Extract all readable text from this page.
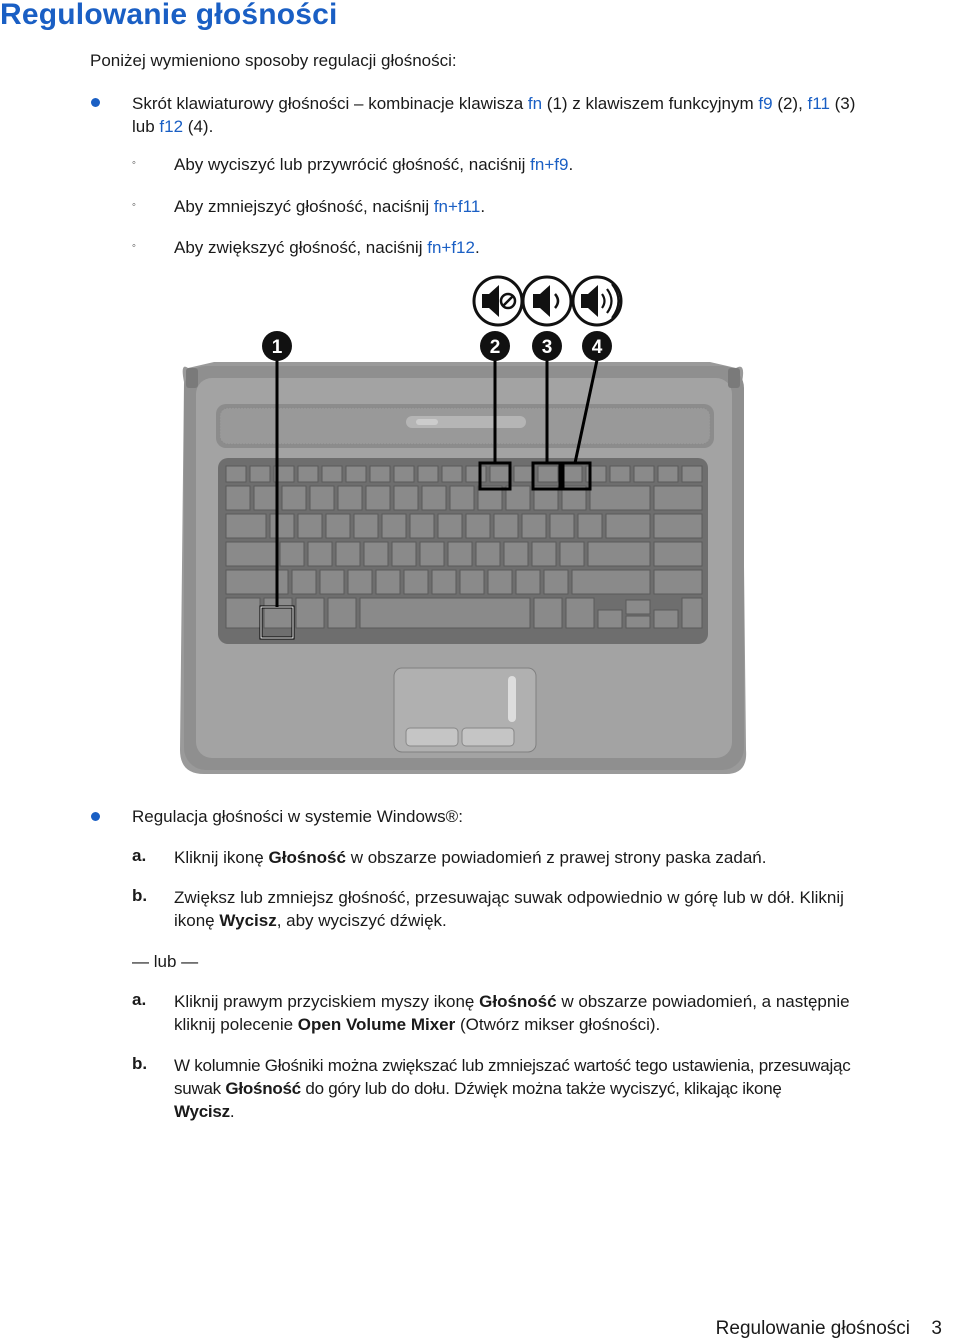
Regulowanie głośności
Poniżej wymieniono sposoby regulacji głośności:
Skrót klawiaturowy głośności – kombinacje klawisza fn (1) z klawiszem funkcyjnym f9 (2), f11 (3)
lub f12 (4).
◦ Aby wyciszyć lub przywrócić głośność, naciśnij fn+f9.
◦ Aby zmniejszyć głośność, naciśnij fn+f11.
◦ Aby zwiększyć głośność, naciśnij fn+f12.
1	2 3 4
Regulacja głośności w systemie Windows®:
a. Kliknij ikonę Głośność w obszarze powiadomień z prawej strony paska zadań.
b. Zwiększ lub zmniejsz głośność, przesuwając suwak odpowiednio w górę lub w dół. Kliknij
ikonę Wycisz, aby wyciszyć dźwięk.
— lub —
a. Kliknij prawym przyciskiem myszy ikonę Głośność w obszarze powiadomień, a następnie
kliknij polecenie Open Volume Mixer (Otwórz mikser głośności).
b. W kolumnie Głośniki można zwiększać lub zmniejszać wartość tego ustawienia, przesuwając
suwak Głośność do góry lub do dołu. Dźwięk można także wyciszyć, klikając ikonę
Wycisz.
Regulowanie głośności 3
